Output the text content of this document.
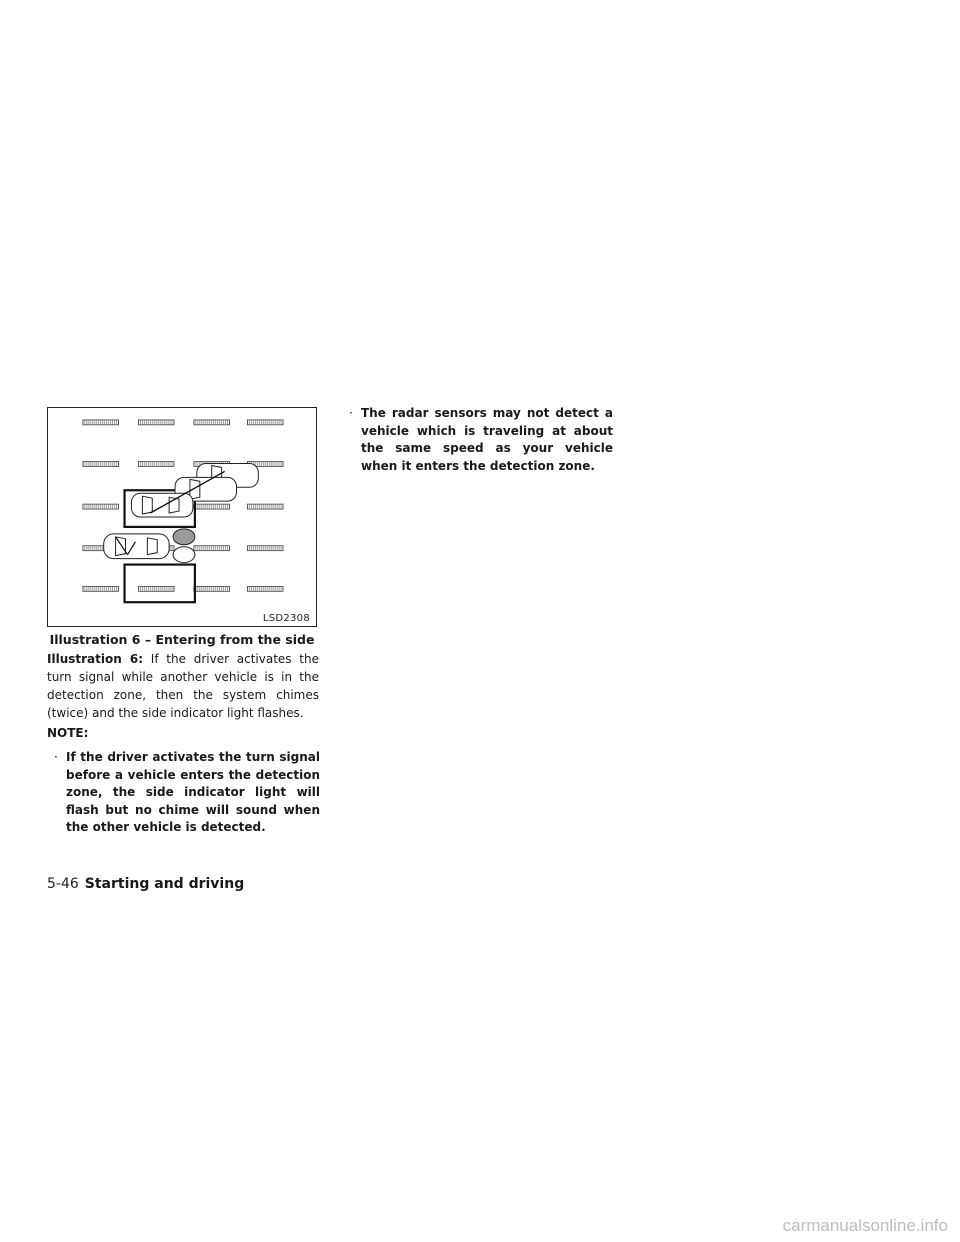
LSD2308
Illustration 6 – Entering from the side

Illustration 6: If the driver activates the turn signal while another vehicle is in the detection zone, then the system chimes (twice) and the side indicator light flashes.

NOTE:

· If the driver activates the turn signal before a vehicle enters the detection zone, the side indicator light will flash but no chime will sound when the other vehicle is detected.

· The radar sensors may not detect a vehicle which is traveling at about the same speed as your vehicle when it enters the detection zone.

5-46 Starting and driving
carmanualsonline.info
